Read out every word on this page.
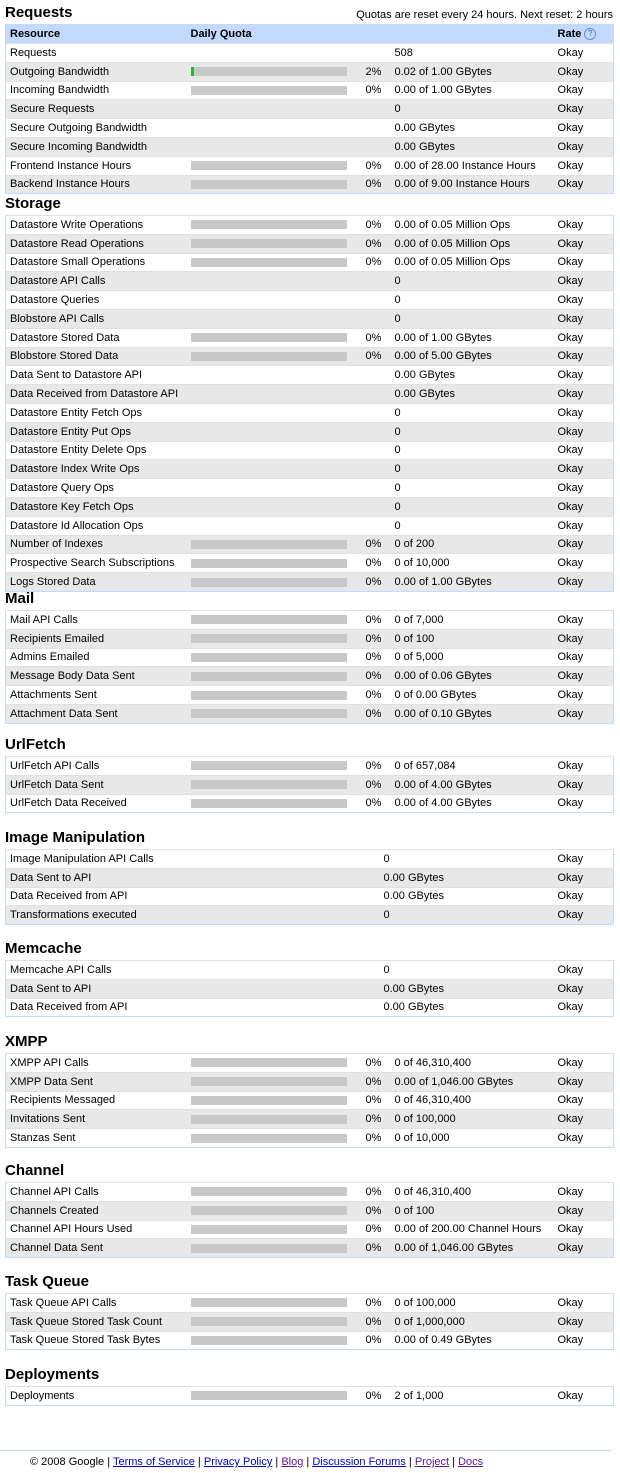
Requests	Quotas are reset every 24 hours. Next reset: 2 hours
Resource	Daily Quota			Rate ?
Requests			508	Okay
Outgoing Bandwidth		2%	0.02 of 1.00 GBytes	Okay
Incoming Bandwidth		0%	0.00 of 1.00 GBytes	Okay
Secure Requests			0	Okay
Secure Outgoing Bandwidth			0.00 GBytes	Okay
Secure Incoming Bandwidth			0.00 GBytes	Okay
Frontend Instance Hours		0%	0.00 of 28.00 Instance Hours	Okay
Backend Instance Hours		0%	0.00 of 9.00 Instance Hours	Okay
Storage
Datastore Write Operations		0%	0.00 of 0.05 Million Ops	Okay
Datastore Read Operations		0%	0.00 of 0.05 Million Ops	Okay
Datastore Small Operations		0%	0.00 of 0.05 Million Ops	Okay
Datastore API Calls			0	Okay
Datastore Queries			0	Okay
Blobstore API Calls			0	Okay
Datastore Stored Data		0%	0.00 of 1.00 GBytes	Okay
Blobstore Stored Data		0%	0.00 of 5.00 GBytes	Okay
Data Sent to Datastore API			0.00 GBytes	Okay
Data Received from Datastore API			0.00 GBytes	Okay
Datastore Entity Fetch Ops			0	Okay
Datastore Entity Put Ops			0	Okay
Datastore Entity Delete Ops			0	Okay
Datastore Index Write Ops			0	Okay
Datastore Query Ops			0	Okay
Datastore Key Fetch Ops			0	Okay
Datastore Id Allocation Ops			0	Okay
Number of Indexes		0%	0 of 200	Okay
Prospective Search Subscriptions		0%	0 of 10,000	Okay
Logs Stored Data		0%	0.00 of 1.00 GBytes	Okay
Mail
Mail API Calls		0%	0 of 7,000	Okay
Recipients Emailed		0%	0 of 100	Okay
Admins Emailed		0%	0 of 5,000	Okay
Message Body Data Sent		0%	0.00 of 0.06 GBytes	Okay
Attachments Sent		0%	0 of 0.00 GBytes	Okay
Attachment Data Sent		0%	0.00 of 0.10 GBytes	Okay
UrlFetch
UrlFetch API Calls		0%	0 of 657,084	Okay
UrlFetch Data Sent		0%	0.00 of 4.00 GBytes	Okay
UrlFetch Data Received		0%	0.00 of 4.00 GBytes	Okay
Image Manipulation
Image Manipulation API Calls		0	Okay
Data Sent to API		0.00 GBytes	Okay
Data Received from API		0.00 GBytes	Okay
Transformations executed		0	Okay
Memcache
Memcache API Calls		0	Okay
Data Sent to API		0.00 GBytes	Okay
Data Received from API		0.00 GBytes	Okay
XMPP
XMPP API Calls		0%	0 of 46,310,400	Okay
XMPP Data Sent		0%	0.00 of 1,046.00 GBytes	Okay
Recipients Messaged		0%	0 of 46,310,400	Okay
Invitations Sent		0%	0 of 100,000	Okay
Stanzas Sent		0%	0 of 10,000	Okay
Channel
Channel API Calls		0%	0 of 46,310,400	Okay
Channels Created		0%	0 of 100	Okay
Channel API Hours Used		0%	0.00 of 200.00 Channel Hours	Okay
Channel Data Sent		0%	0.00 of 1,046.00 GBytes	Okay
Task Queue
Task Queue API Calls		0%	0 of 100,000	Okay
Task Queue Stored Task Count		0%	0 of 1,000,000	Okay
Task Queue Stored Task Bytes		0%	0.00 of 0.49 GBytes	Okay
Deployments
Deployments		0%	2 of 1,000	Okay
© 2008 Google | Terms of Service | Privacy Policy | Blog | Discussion Forums | Project | Docs
